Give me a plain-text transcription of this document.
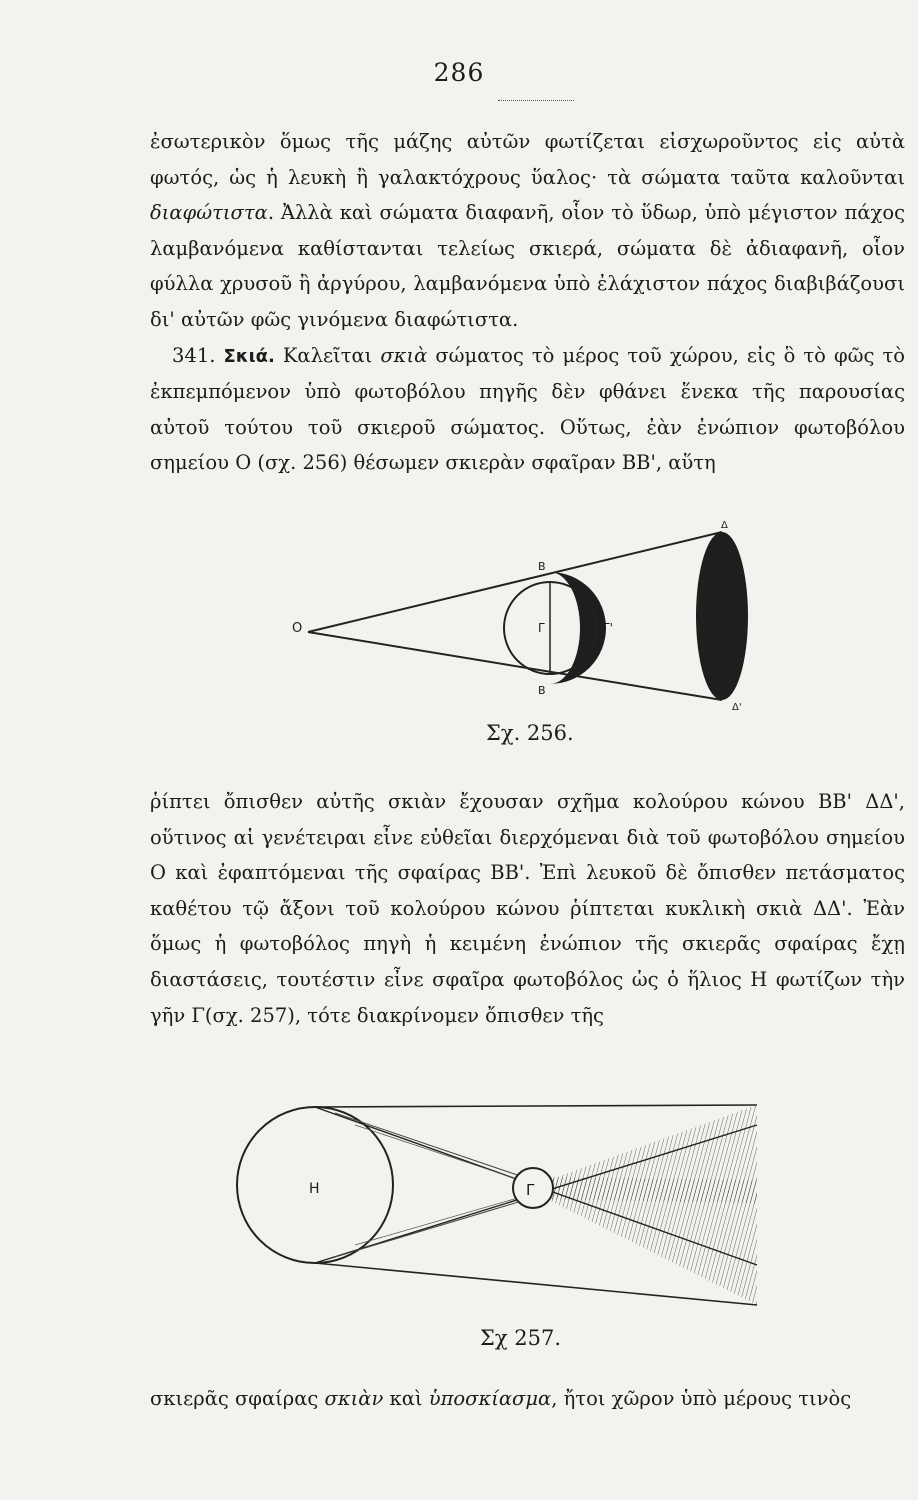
286

ἐσωτερικὸν ὅμως τῆς μάζης αὐτῶν φωτίζεται εἰσχωροῦντος εἰς αὐτὰ φωτός, ὡς ἡ λευκὴ ἢ γαλακτόχρους ὕαλος· τὰ σώματα ταῦτα καλοῦνται διαφώτιστα. Ἀλλὰ καὶ σώματα διαφανῆ, οἷον τὸ ὕδωρ, ὑπὸ μέγιστον πάχος λαμβανόμενα καθίστανται τελείως σκιερά, σώματα δὲ ἀδιαφανῆ, οἷον φύλλα χρυσοῦ ἢ ἀργύρου, λαμβανόμενα ὑπὸ ἐλάχιστον πάχος διαβιβάζουσι δι' αὐτῶν φῶς γινόμενα διαφώτιστα.
341. Σκιά. Καλεῖται σκιὰ σώματος τὸ μέρος τοῦ χώρου, εἰς ὃ τὸ φῶς τὸ ἐκπεμπόμενον ὑπὸ φωτοβόλου πηγῆς δὲν φθάνει ἕνεκα τῆς παρουσίας αὐτοῦ τούτου τοῦ σκιεροῦ σώματος. Οὕτως, ἐὰν ἐνώπιον φωτοβόλου σημείου Ο (σχ. 256) θέσωμεν σκιερὰν σφαῖραν ΒΒ', αὕτη

Ο
Β
Β
Γ	Γ'
Δ
Δ'
Σχ. 256.

ῥίπτει ὄπισθεν αὐτῆς σκιὰν ἔχουσαν σχῆμα κολούρου κώνου ΒΒ' ΔΔ', οὕτινος αἱ γενέτειραι εἶνε εὐθεῖαι διερχόμεναι διὰ τοῦ φωτοβόλου σημείου Ο καὶ ἐφαπτόμεναι τῆς σφαίρας ΒΒ'. Ἐπὶ λευκοῦ δὲ ὄπισθεν πετάσματος καθέτου τῷ ἄξονι τοῦ κολούρου κώνου ῥίπτεται κυκλικὴ σκιὰ ΔΔ'. Ἐὰν ὅμως ἡ φωτοβόλος πηγὴ ἡ κειμένη ἐνώπιον τῆς σκιερᾶς σφαίρας ἔχῃ διαστάσεις, τουτέστιν εἶνε σφαῖρα φωτοβόλος ὡς ὁ ἥλιος Η φωτίζων τὴν γῆν Γ(σχ. 257), τότε διακρίνομεν ὄπισθεν τῆς

Η	Γ
Σχ 257.

σκιερᾶς σφαίρας σκιὰν καὶ ὑποσκίασμα, ἤτοι χῶρον ὑπὸ μέρους τινὸς
